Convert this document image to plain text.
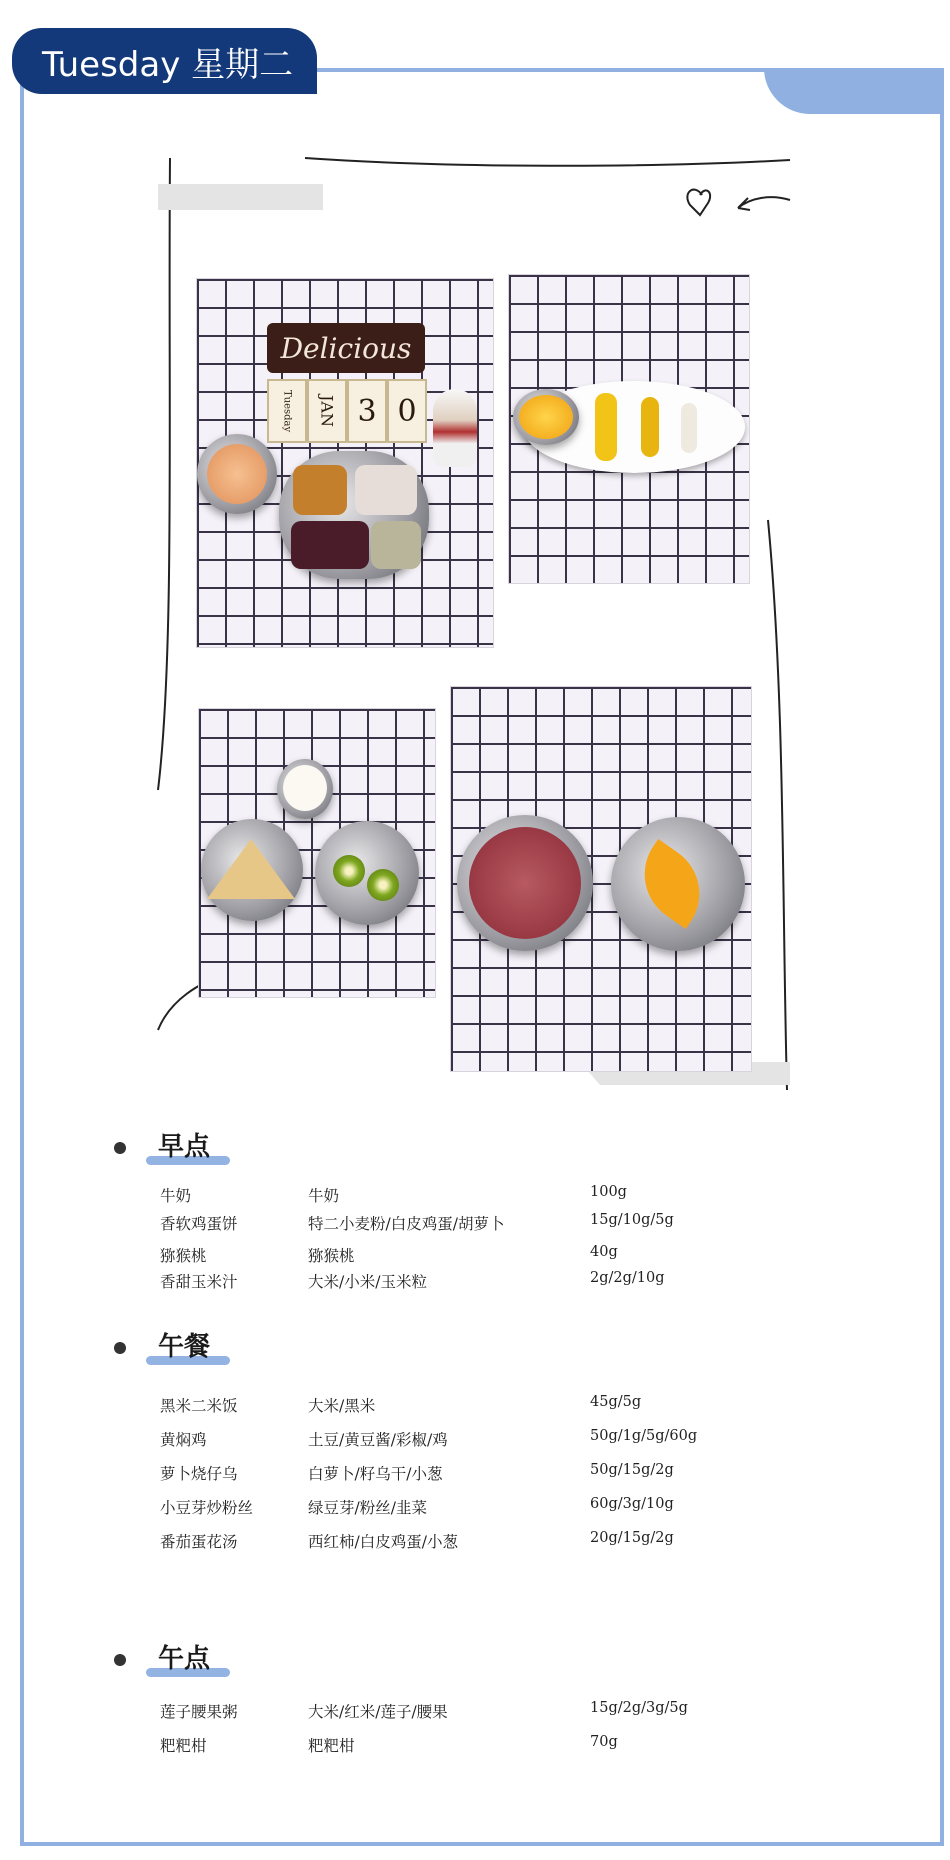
Tuesday 星期二
Delicious
Tuesday JAN 3 0
早点
牛奶	牛奶	100g
香软鸡蛋饼	特二小麦粉/白皮鸡蛋/胡萝卜	15g/10g/5g
猕猴桃	猕猴桃	40g
香甜玉米汁	大米/小米/玉米粒	2g/2g/10g
午餐
黑米二米饭	大米/黑米	45g/5g
黄焖鸡	土豆/黄豆酱/彩椒/鸡	50g/1g/5g/60g
萝卜烧仔乌	白萝卜/籽乌干/小葱	50g/15g/2g
小豆芽炒粉丝	绿豆芽/粉丝/韭菜	60g/3g/10g
番茄蛋花汤	西红柿/白皮鸡蛋/小葱	20g/15g/2g
午点
莲子腰果粥	大米/红米/莲子/腰果	15g/2g/3g/5g
粑粑柑	粑粑柑	70g
